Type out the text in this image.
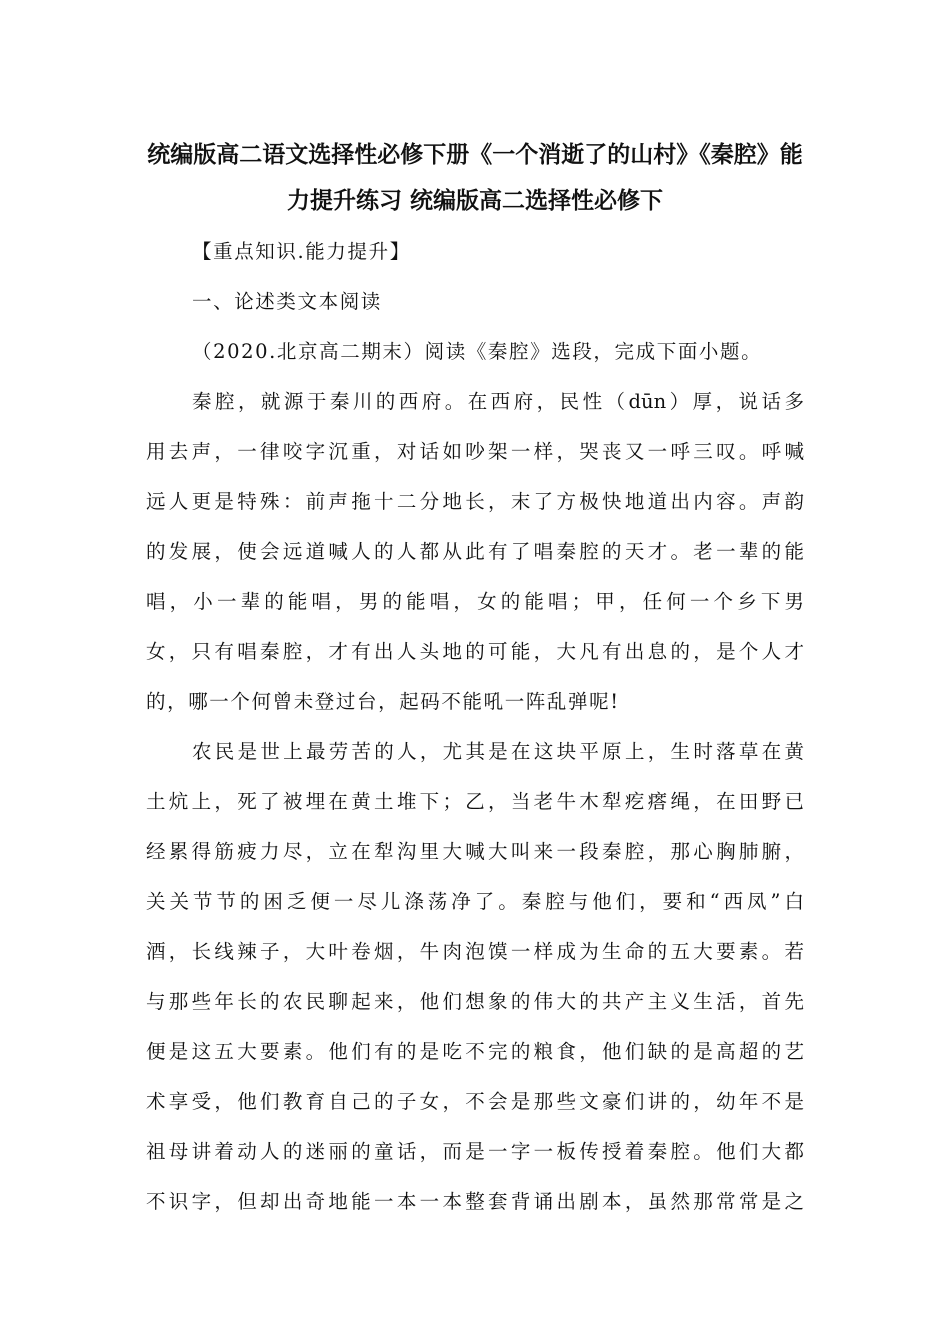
统编版高二语文选择性必修下册《一个消逝了的山村》《秦腔》能
力提升练习 统编版高二选择性必修下
【重点知识.能力提升】
一、论述类文本阅读
（2020.北京高二期末）阅读《秦腔》选段，完成下面小题。
秦腔，就源于秦川的西府。在西府，民性（dūn）厚，说话多
用去声，一律咬字沉重，对话如吵架一样，哭丧又一呼三叹。呼喊
远人更是特殊：前声拖十二分地长，末了方极快地道出内容。声韵
的发展，使会远道喊人的人都从此有了唱秦腔的天才。老一辈的能
唱，小一辈的能唱，男的能唱，女的能唱；甲，任何一个乡下男
女，只有唱秦腔，才有出人头地的可能，大凡有出息的，是个人才
的，哪一个何曾未登过台，起码不能吼一阵乱弹呢!
农民是世上最劳苦的人，尤其是在这块平原上，生时落草在黄
土炕上，死了被埋在黄土堆下；乙，当老牛木犁疙瘩绳，在田野已
经累得筋疲力尽，立在犁沟里大喊大叫来一段秦腔，那心胸肺腑，
关关节节的困乏便一尽儿涤荡净了。秦腔与他们，要和“西凤”白
酒，长线辣子，大叶卷烟，牛肉泡馍一样成为生命的五大要素。若
与那些年长的农民聊起来，他们想象的伟大的共产主义生活，首先
便是这五大要素。他们有的是吃不完的粮食，他们缺的是高超的艺
术享受，他们教育自己的子女，不会是那些文豪们讲的，幼年不是
祖母讲着动人的迷丽的童话，而是一字一板传授着秦腔。他们大都
不识字，但却出奇地能一本一本整套背诵出剧本，虽然那常常是之
